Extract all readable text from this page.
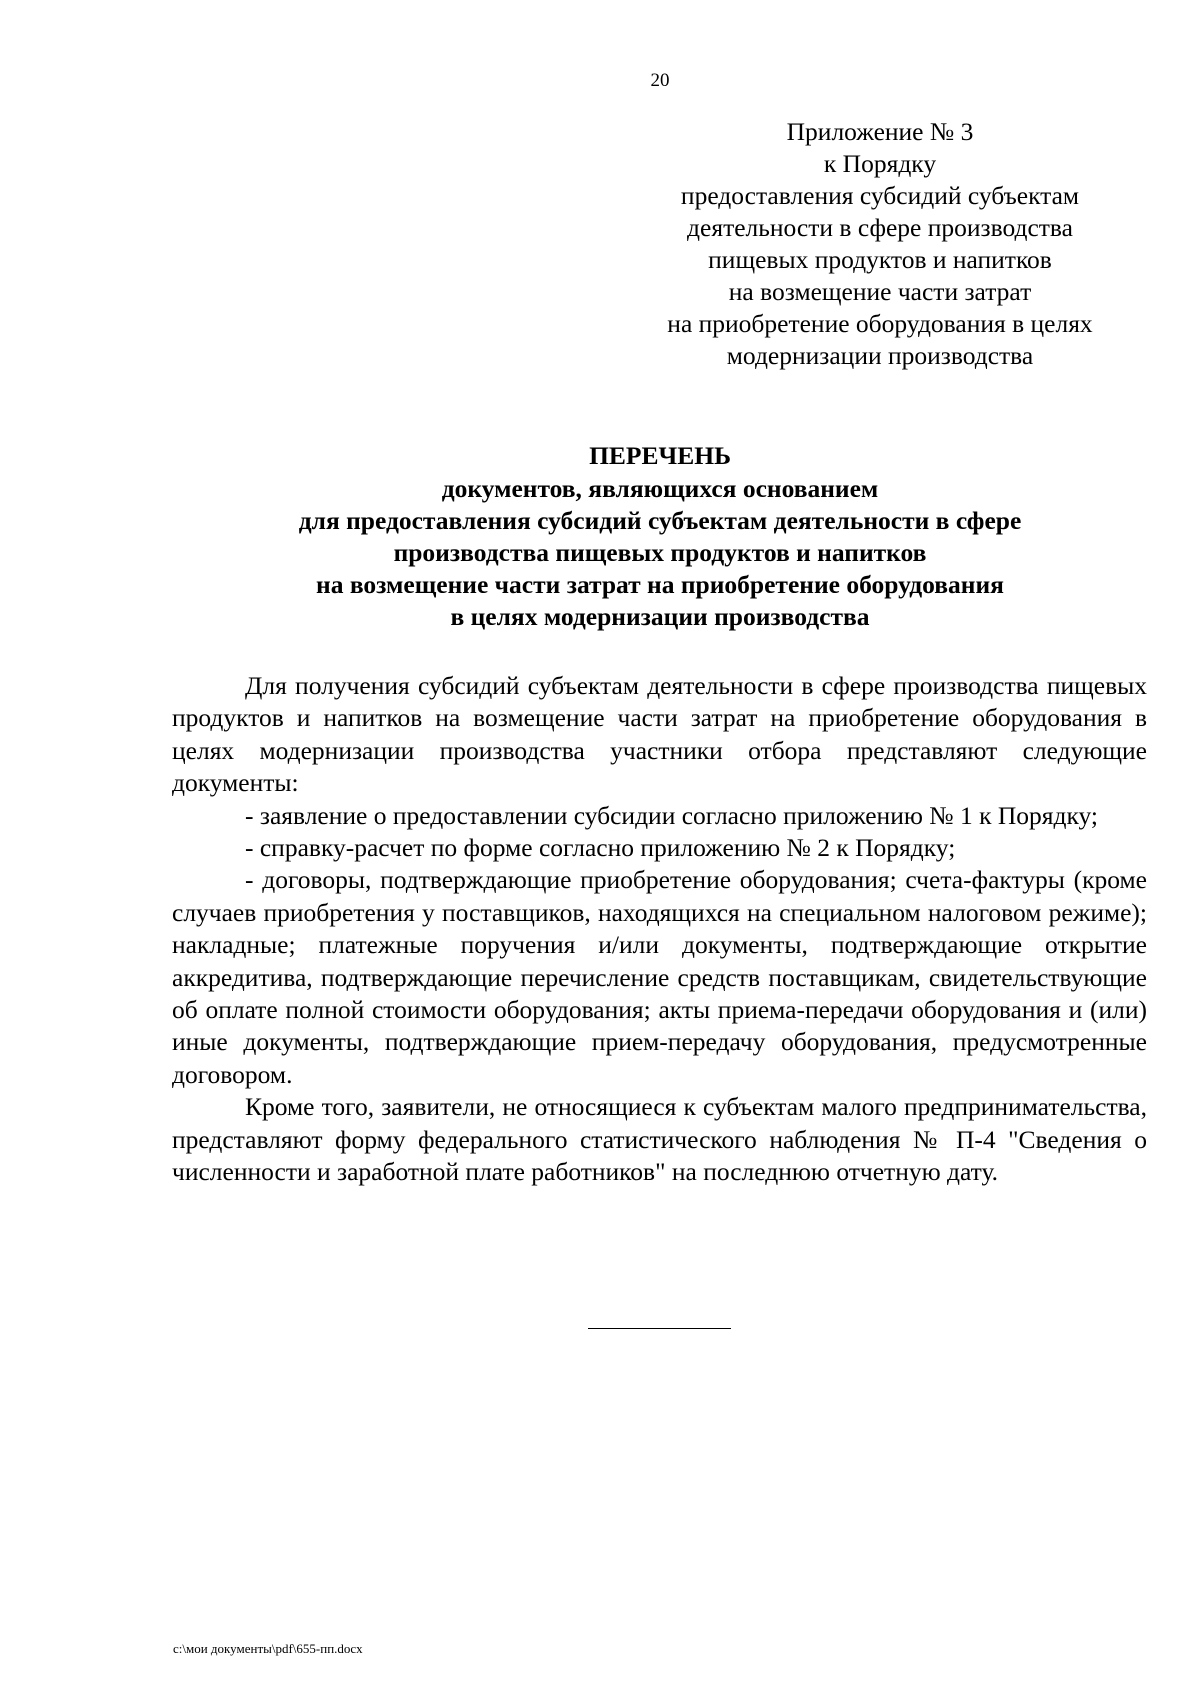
20
Приложение № 3
к Порядку
предоставления субсидий субъектам
деятельности в сфере производства
пищевых продуктов и напитков
на возмещение части затрат
на приобретение оборудования в целях
модернизации производства
ПЕРЕЧЕНЬ
документов, являющихся основанием
для предоставления субсидий субъектам деятельности в сфере
производства пищевых продуктов и напитков
на возмещение части затрат на приобретение оборудования
в целях модернизации производства

Для получения субсидий субъектам деятельности в сфере производства пищевых продуктов и напитков на возмещение части затрат на приобретение оборудования в целях модернизации производства участники отбора представляют следующие документы:

- заявление о предоставлении субсидии согласно приложению № 1 к Порядку;

- справку-расчет по форме согласно приложению № 2 к Порядку;

- договоры, подтверждающие приобретение оборудования; счета-фактуры (кроме случаев приобретения у поставщиков, находящихся на специальном налоговом режиме); накладные; платежные поручения и/или документы, подтверждающие открытие аккредитива, подтверждающие перечисление средств поставщикам, свидетельствующие об оплате полной стоимости оборудования; акты приема-передачи оборудования и (или) иные документы, подтверждающие прием-передачу оборудования, предусмотренные договором.

Кроме того, заявители, не относящиеся к субъектам малого предпринимательства, представляют форму федерального статистического наблюдения № П-4 "Сведения о численности и заработной плате работников" на последнюю отчетную дату.

c:\мои документы\pdf\655-пп.docx
